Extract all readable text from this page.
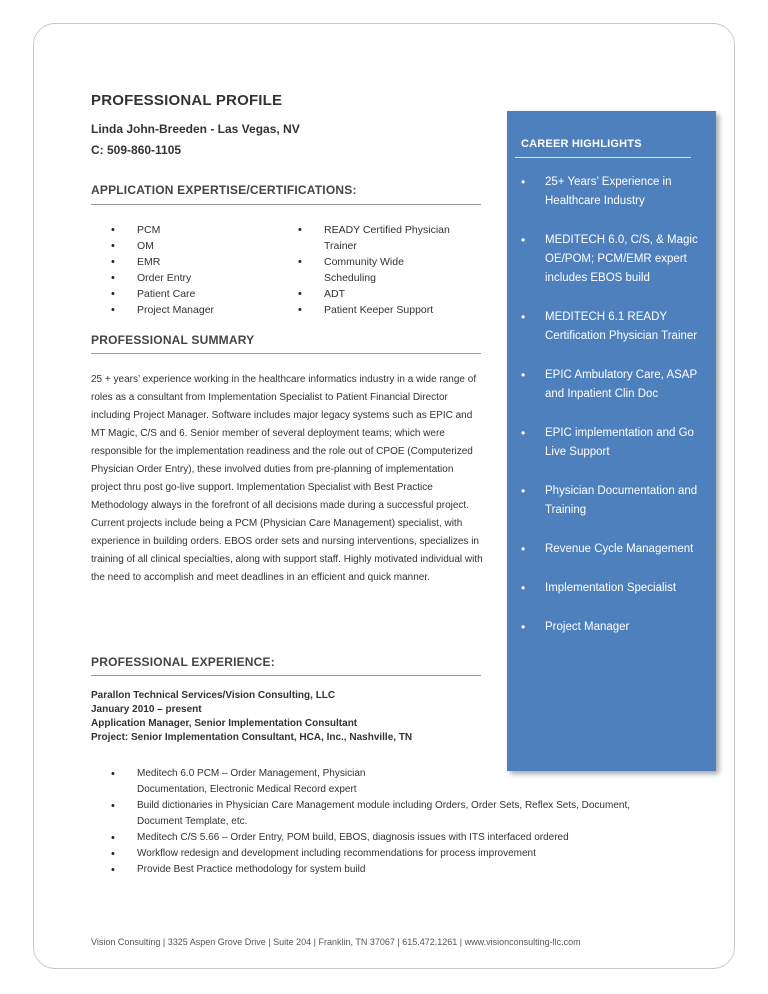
PROFESSIONAL PROFILE
Linda John-Breeden - Las Vegas, NV
C: 509-860-1105
APPLICATION EXPERTISE/CERTIFICATIONS:
• PCM
• OM
• EMR
• Order Entry
• Patient Care
• Project Manager
• READY Certified Physician Trainer
• Community Wide Scheduling
• ADT
• Patient Keeper Support
PROFESSIONAL SUMMARY
25 + years’ experience working in the healthcare informatics industry in a wide range of roles as a consultant from Implementation Specialist to Patient Financial Director including Project Manager. Software includes major legacy systems such as EPIC and MT Magic, C/S and 6. Senior member of several deployment teams; which were responsible for the implementation readiness and the role out of CPOE (Computerized Physician Order Entry), these involved duties from pre-planning of implementation project thru post go-live support. Implementation Specialist with Best Practice Methodology always in the forefront of all decisions made during a successful project. Current projects include being a PCM (Physician Care Management) specialist, with experience in building orders. EBOS order sets and nursing interventions, specializes in training of all clinical specialties, along with support staff. Highly motivated individual with the need to accomplish and meet deadlines in an efficient and quick manner.
PROFESSIONAL EXPERIENCE:
Parallon Technical Services/Vision Consulting, LLC
January 2010 – present
Application Manager, Senior Implementation Consultant
Project: Senior Implementation Consultant, HCA, Inc., Nashville, TN
• Meditech 6.0 PCM – Order Management, Physician Documentation, Electronic Medical Record expert
• Build dictionaries in Physician Care Management module including Orders, Order Sets, Reflex Sets, Document, Document Template, etc.
• Meditech C/S 5.66 – Order Entry, POM build, EBOS, diagnosis issues with ITS interfaced ordered
• Workflow redesign and development including recommendations for process improvement
• Provide Best Practice methodology for system build
CAREER HIGHLIGHTS
• 25+ Years’ Experience in Healthcare Industry
• MEDITECH 6.0, C/S, & Magic OE/POM; PCM/EMR expert includes EBOS build
• MEDITECH 6.1 READY Certification Physician Trainer
• EPIC Ambulatory Care, ASAP and Inpatient Clin Doc
• EPIC implementation and Go Live Support
• Physician Documentation and Training
• Revenue Cycle Management
• Implementation Specialist
• Project Manager
Vision Consulting | 3325 Aspen Grove Drive | Suite 204 | Franklin, TN 37067 | 615.472.1261 | www.visionconsulting-llc.com
